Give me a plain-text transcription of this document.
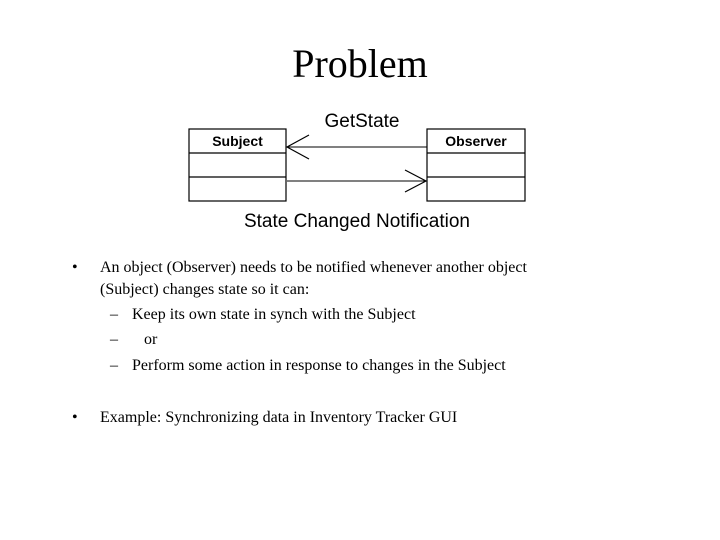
Problem
GetState
Subject	Observer
State Changed Notification
•	An object (Observer) needs to be notified whenever another object
(Subject) changes state so it can:
– Keep its own state in synch with the Subject
– or
– Perform some action in response to changes in the Subject
•	Example: Synchronizing data in Inventory Tracker GUI
